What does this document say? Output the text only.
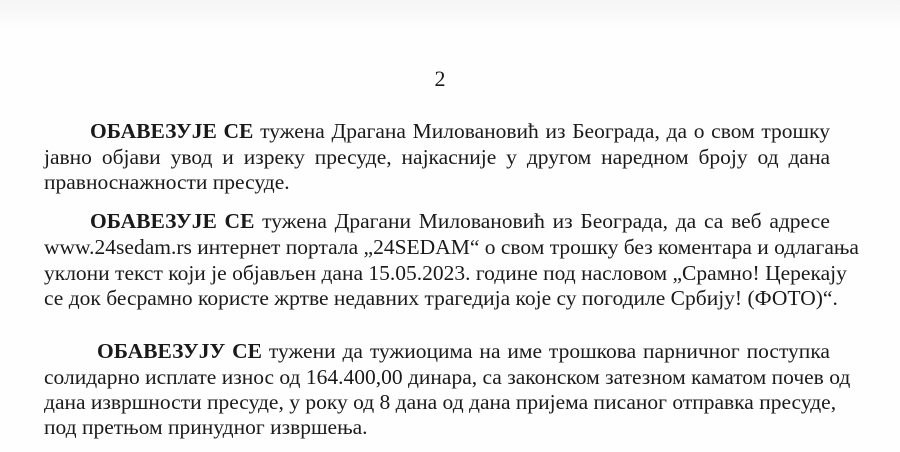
2
ОБАВЕЗУЈЕ СЕ тужена Драгана Миловановић из Београда, да о свом трошку
јавно објави увод и изреку пресуде, најкасније у другом наредном броју од дана
правноснажности пресуде.
ОБАВЕЗУЈЕ СЕ тужена Драгани Миловановић из Београда, да са веб адресе
www.24sedam.rs интернет портала „24SEDAM“ о свом трошку без коментара и одлагања
уклони текст који је објављен дана 15.05.2023. године под насловом „Срамно! Церекају
се док бесрамно користе жртве недавних трагедија које су погодиле Србију! (ФОТО)“.
ОБАВЕЗУЈУ СЕ тужени да тужиоцима на име трошкова парничног поступка
солидарно исплате износ од 164.400,00 динара, са законском затезном каматом почев од
дана извршности пресуде, у року од 8 дана од дана пријема писаног отправка пресуде,
под претњом принудног извршења.
